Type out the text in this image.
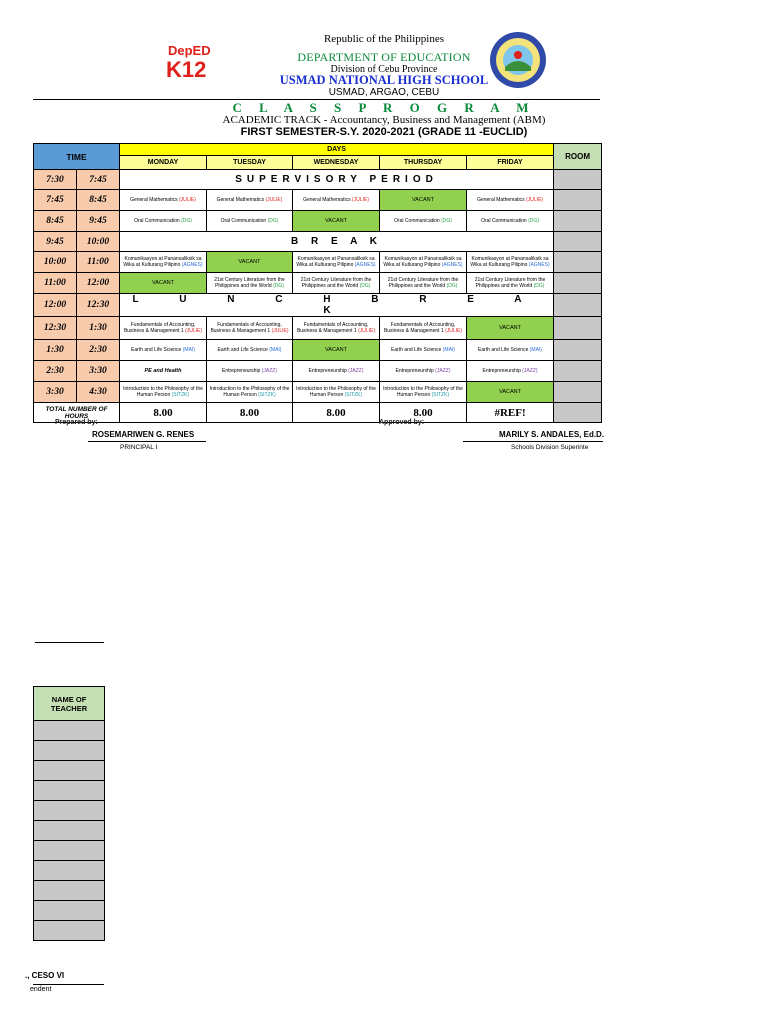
DepED
K12
Republic of the Philippines
DEPARTMENT OF EDUCATION
Division of Cebu Province
USMAD NATIONAL HIGH SCHOOL
USMAD, ARGAO, CEBU
C L A S S P R O G R A M
ACADEMIC TRACK - Accountancy, Business and Management (ABM)
FIRST SEMESTER-S.Y. 2020-2021 (GRADE 11 -EUCLID)
TIME		DAYS					ROOM
		MONDAY	TUESDAY	WEDNESDAY	THURSDAY	FRIDAY	
7:30	7:45	SUPERVISORY PERIOD					
7:45	8:45	General Mathematics (JULIE)	General Mathematics (JULIE)	General Mathematics (JULIE)	VACANT	General Mathematics (JULIE)	
8:45	9:45	Oral Communication (DG)	Oral Communication (DG)	VACANT	Oral Communication (DG)	Oral Communication (DG)	
9:45	10:00	B R E A K					
10:00	11:00	Komunikasyon at Panansaliksik sa Wika at Kulturang Pilipino (AGNES)	VACANT	Komunikasyon at Panansaliksik sa Wika at Kulturang Pilipino (AGNES)	Komunikasyon at Panansaliksik sa Wika at Kulturang Pilipino (AGNES)	Komunikasyon at Panansaliksik sa Wika at Kulturang Pilipino (AGNES)	
11:00	12:00	VACANT	21st Century Literature from the Philippines and the World (DG)	21st Century Literature from the Philippines and the World (DG)	21st Century Literature from the Philippines and the World (DG)	21st Century Literature from the Philippines and the World (DG)	
12:00	12:30	L U N C H B R E A K					
12:30	1:30	Fundamentals of Accounting, Business & Management 1 (JULIE)	Fundamentals of Accounting, Business & Management 1 (JULIE)	Fundamentals of Accounting, Business & Management 1 (JULIE)	Fundamentals of Accounting, Business & Management 1 (JULIE)	VACANT	
1:30	2:30	Earth and Life Science (MAI)	Earth and Life Science (MAI)	VACANT	Earth and Life Science (MAI)	Earth and Life Science (MAI)	
2:30	3:30	PE and Health	Entrepreneurship (JAZZ)	Entrepreneurship (JAZZ)	Entrepreneurship (JAZZ)	Entrepreneurship (JAZZ)	
3:30	4:30	Introduction to the Philosophy of the Human Person (SITZK)	Introduction to the Philosophy of the Human Person (SITZK)	Introduction to the Philosophy of the Human Person (SITZK)	Introduction to the Philosophy of the Human Person (SITZK)	VACANT	
TOTAL NUMBER OF HOURS		8.00	8.00	8.00	8.00	#REF!	
Prepared by:
ROSEMARIWEN G. RENES
PRINCIPAL I
Approved by:
MARILY S. ANDALES, Ed.D.
Schools Division Superinte
NAME OF TEACHER

., CESO VI
endent
